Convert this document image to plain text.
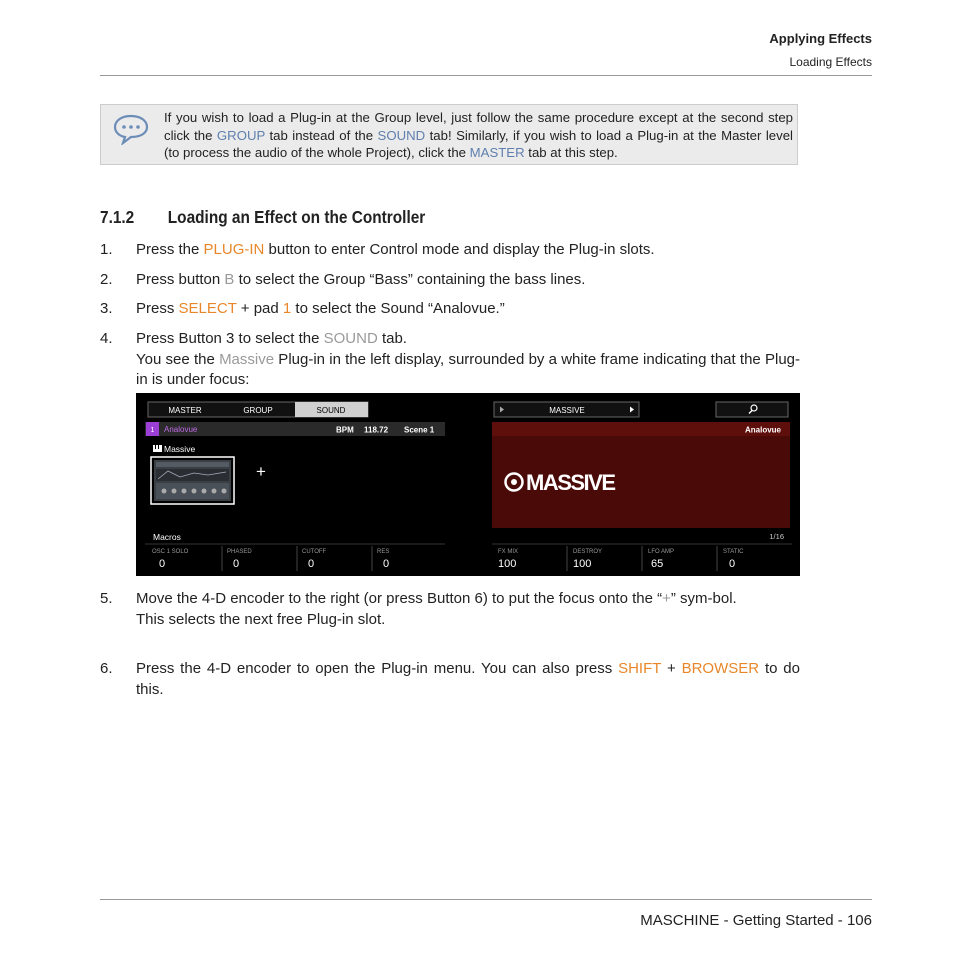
Applying Effects
Loading Effects
If you wish to load a Plug-in at the Group level, just follow the same procedure except at the second step click the GROUP tab instead of the SOUND tab! Similarly, if you wish to load a Plug-in at the Master level (to process the audio of the whole Project), click the MASTER tab at this step.
7.1.2 Loading an Effect on the Controller
1. Press the PLUG-IN button to enter Control mode and display the Plug-in slots.
2. Press button B to select the Group “Bass” containing the bass lines.
3. Press SELECT + pad 1 to select the Sound “Analovue.”
4. Press Button 3 to select the SOUND tab.
You see the Massive Plug-in in the left display, surrounded by a white frame indicating that the Plug-in is under focus:
MASTER	GROUP	SOUND
1 Analovue	BPM 118.72 Scene 1
Massive
+
Macros
OSC 1 SOLO
0
PHASED
0
CUTOFF
0
RES
0
MASSIVE
Analovue
MASSIVE
1/16
FX MIX
100
DESTROY
100
LFO AMP
65
STATIC
0
5. Move the 4-D encoder to the right (or press Button 6) to put the focus onto the “+” sym-bol.
This selects the next free Plug-in slot.
6. Press the 4-D encoder to open the Plug-in menu. You can also press SHIFT + BROWSER to do this.
MASCHINE - Getting Started - 106
